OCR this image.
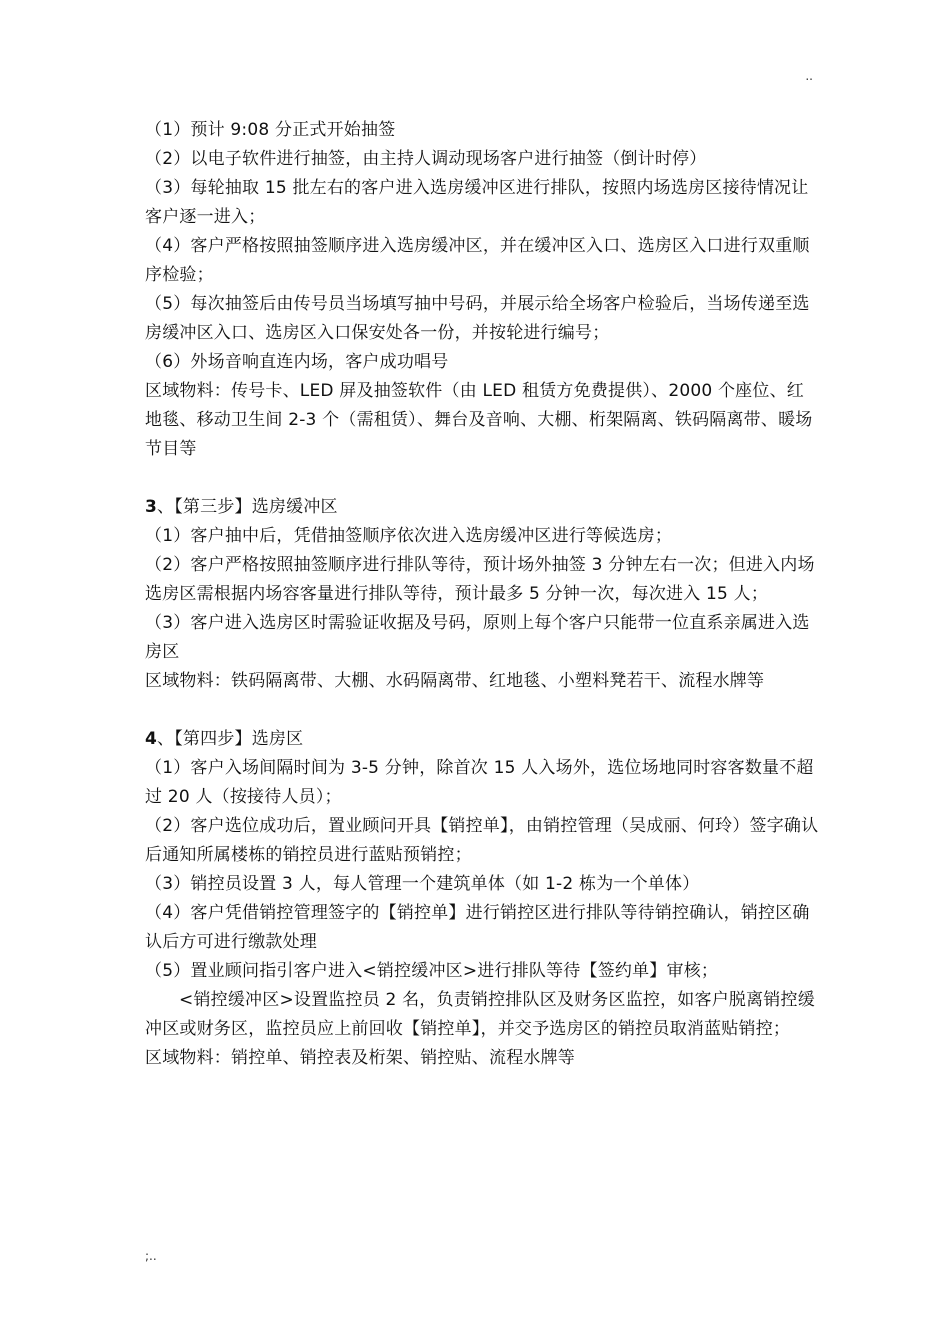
..

（1）预计 9:08 分正式开始抽签

（2）以电子软件进行抽签，由主持人调动现场客户进行抽签（倒计时停）

（3）每轮抽取 15 批左右的客户进入选房缓冲区进行排队，按照内场选房区接待情况让客户逐一进入；

（4）客户严格按照抽签顺序进入选房缓冲区，并在缓冲区入口、选房区入口进行双重顺序检验；

（5）每次抽签后由传号员当场填写抽中号码，并展示给全场客户检验后，当场传递至选房缓冲区入口、选房区入口保安处各一份，并按轮进行编号；

（6）外场音响直连内场，客户成功唱号

区域物料：传号卡、LED 屏及抽签软件（由 LED 租赁方免费提供）、2000 个座位、红地毯、移动卫生间 2-3 个（需租赁）、舞台及音响、大棚、桁架隔离、铁码隔离带、暖场节目等

3、【第三步】选房缓冲区

（1）客户抽中后，凭借抽签顺序依次进入选房缓冲区进行等候选房；

（2）客户严格按照抽签顺序进行排队等待，预计场外抽签 3 分钟左右一次；但进入内场选房区需根据内场容客量进行排队等待，预计最多 5 分钟一次，每次进入 15 人；

（3）客户进入选房区时需验证收据及号码，原则上每个客户只能带一位直系亲属进入选房区

区域物料：铁码隔离带、大棚、水码隔离带、红地毯、小塑料凳若干、流程水牌等

4、【第四步】选房区

（1）客户入场间隔时间为 3-5 分钟，除首次 15 人入场外，选位场地同时容客数量不超过 20 人（按接待人员）；

（2）客户选位成功后，置业顾问开具【销控单】，由销控管理（吴成丽、何玲）签字确认后通知所属楼栋的销控员进行蓝贴预销控；

（3）销控员设置 3 人，每人管理一个建筑单体（如 1-2 栋为一个单体）

（4）客户凭借销控管理签字的【销控单】进行销控区进行排队等待销控确认，销控区确认后方可进行缴款处理

（5）置业顾问指引客户进入<销控缓冲区>进行排队等待【签约单】审核；

<销控缓冲区>设置监控员 2 名，负责销控排队区及财务区监控，如客户脱离销控缓冲区或财务区，监控员应上前回收【销控单】，并交予选房区的销控员取消蓝贴销控；

区域物料：销控单、销控表及桁架、销控贴、流程水牌等

;..
